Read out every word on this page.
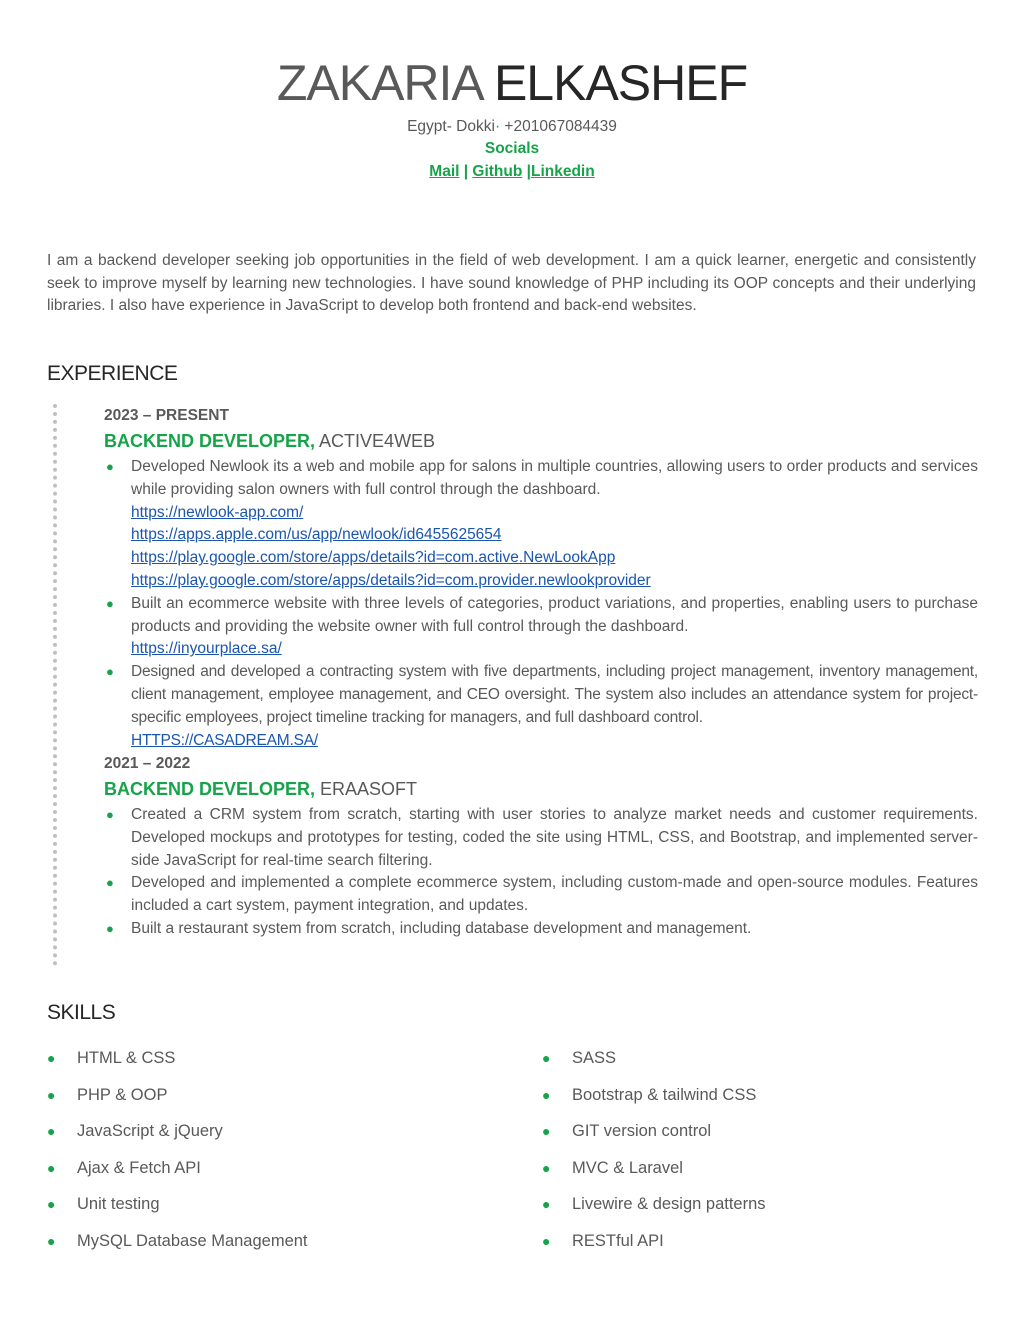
ZAKARIA ELKASHEF
Egypt- Dokki· +201067084439
Socials
Mail | Github |Linkedin
I am a backend developer seeking job opportunities in the field of web development. I am a quick learner, energetic and consistently seek to improve myself by learning new technologies. I have sound knowledge of PHP including its OOP concepts and their underlying libraries. I also have experience in JavaScript to develop both frontend and back-end websites.
EXPERIENCE
2023 – PRESENT
BACKEND DEVELOPER, ACTIVE4WEB
● Developed Newlook its a web and mobile app for salons in multiple countries, allowing users to order products and services while providing salon owners with full control through the dashboard.
https://newlook-app.com/
https://apps.apple.com/us/app/newlook/id6455625654
https://play.google.com/store/apps/details?id=com.active.NewLookApp
https://play.google.com/store/apps/details?id=com.provider.newlookprovider
● Built an ecommerce website with three levels of categories, product variations, and properties, enabling users to purchase products and providing the website owner with full control through the dashboard.
https://inyourplace.sa/
● Designed and developed a contracting system with five departments, including project management, inventory management, client management, employee management, and CEO oversight. The system also includes an attendance system for project-specific employees, project timeline tracking for managers, and full dashboard control.
HTTPS://CASADREAM.SA/
2021 – 2022
BACKEND DEVELOPER, ERAASOFT
● Created a CRM system from scratch, starting with user stories to analyze market needs and customer requirements. Developed mockups and prototypes for testing, coded the site using HTML, CSS, and Bootstrap, and implemented server-side JavaScript for real-time search filtering.
● Developed and implemented a complete ecommerce system, including custom-made and open-source modules. Features included a cart system, payment integration, and updates.
● Built a restaurant system from scratch, including database development and management.
SKILLS
● HTML & CSS
● PHP & OOP
● JavaScript & jQuery
● Ajax & Fetch API
● Unit testing
● MySQL Database Management
● SASS
● Bootstrap & tailwind CSS
● GIT version control
● MVC & Laravel
● Livewire & design patterns
● RESTful API
